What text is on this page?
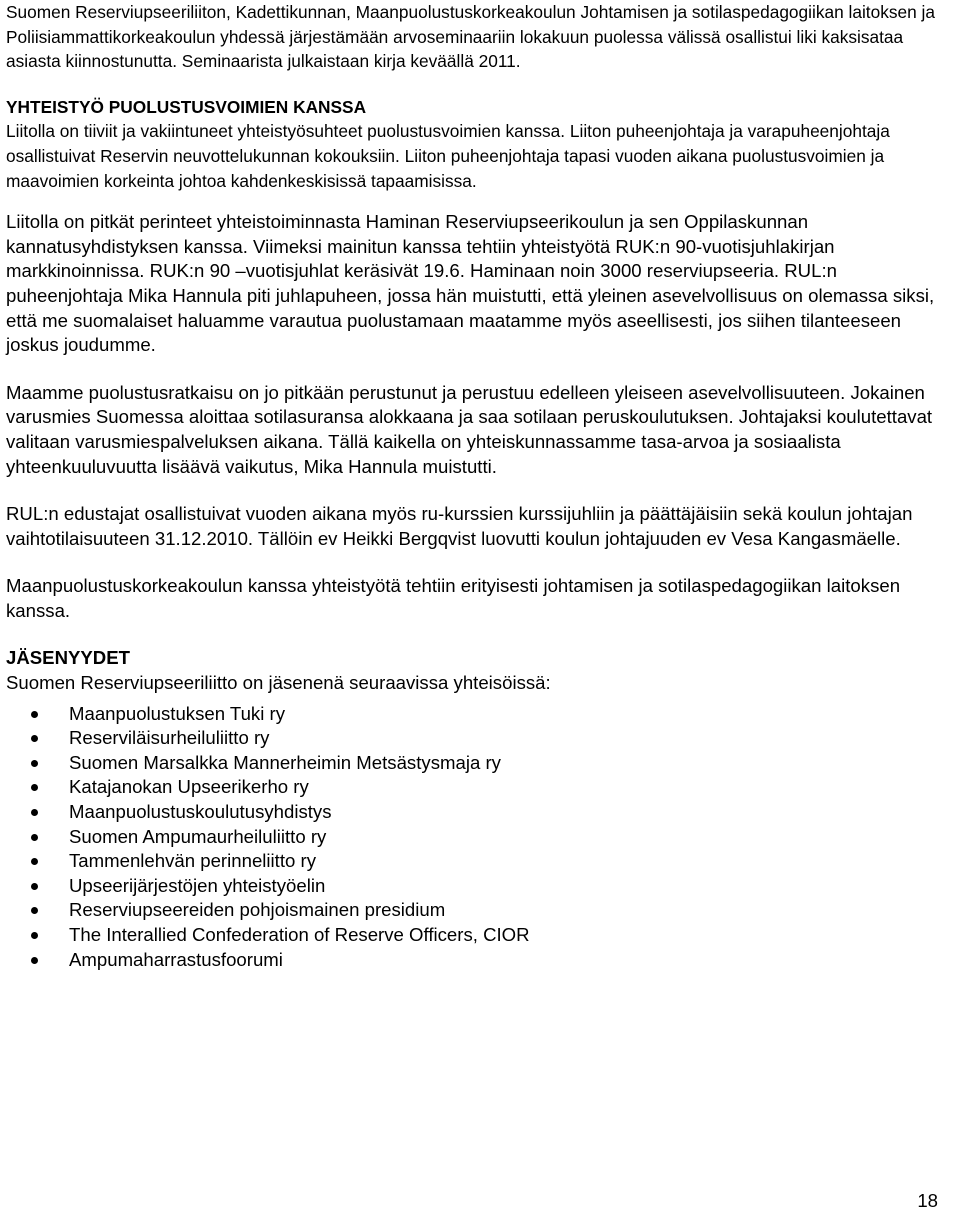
Suomen Reserviupseeriliiton, Kadettikunnan, Maanpuolustuskorkeakoulun Johtamisen ja sotilaspedagogiikan laitoksen ja Poliisiammattikorkeakoulun yhdessä järjestämään arvoseminaariin lokakuun puolessa välissä osallistui liki kaksisataa asiasta kiinnostunutta. Seminaarista julkaistaan kirja keväällä 2011.

YHTEISTYÖ PUOLUSTUSVOIMIEN KANSSA

Liitolla on tiiviit ja vakiintuneet yhteistyösuhteet puolustusvoimien kanssa. Liiton puheenjohtaja ja varapuheenjohtaja osallistuivat Reservin neuvottelukunnan kokouksiin. Liiton puheenjohtaja tapasi vuoden aikana puolustusvoimien ja maavoimien korkeinta johtoa kahdenkeskisissä tapaamisissa.

Liitolla on pitkät perinteet yhteistoiminnasta Haminan Reserviupseerikoulun ja sen Oppilaskunnan kannatusyhdistyksen kanssa. Viimeksi mainitun kanssa tehtiin yhteistyötä RUK:n 90-vuotisjuhlakirjan markkinoinnissa. RUK:n 90 –vuotisjuhlat keräsivät 19.6. Haminaan noin 3000 reserviupseeria. RUL:n puheenjohtaja Mika Hannula piti juhlapuheen, jossa hän muistutti, että yleinen asevelvollisuus on olemassa siksi, että me suomalaiset haluamme varautua puolustamaan maatamme myös aseellisesti, jos siihen tilanteeseen joskus joudumme.

Maamme puolustusratkaisu on jo pitkään perustunut ja perustuu edelleen yleiseen asevelvollisuuteen. Jokainen varusmies Suomessa aloittaa sotilasuransa alokkaana ja saa sotilaan peruskoulutuksen. Johtajaksi koulutettavat valitaan varusmiespalveluksen aikana. Tällä kaikella on yhteiskunnassamme tasa-arvoa ja sosiaalista yhteenkuuluvuutta lisäävä vaikutus, Mika Hannula muistutti.

RUL:n edustajat osallistuivat vuoden aikana myös ru-kurssien kurssijuhliin ja päättäjäisiin sekä koulun johtajan vaihtotilaisuuteen 31.12.2010. Tällöin ev Heikki Bergqvist luovutti koulun johtajuuden ev Vesa Kangasmäelle.

Maanpuolustuskorkeakoulun kanssa yhteistyötä tehtiin erityisesti johtamisen ja sotilaspedagogiikan laitoksen kanssa.

JÄSENYYDET

Suomen Reserviupseeriliitto on jäsenenä seuraavissa yhteisöissä:

Maanpuolustuksen Tuki ry
Reserviläisurheiluliitto ry
Suomen Marsalkka Mannerheimin Metsästysmaja ry
Katajanokan Upseerikerho ry
Maanpuolustuskoulutusyhdistys
Suomen Ampumaurheiluliitto ry
Tammenlehvän perinneliitto ry
Upseerijärjestöjen yhteistyöelin
Reserviupseereiden pohjoismainen presidium
The Interallied Confederation of Reserve Officers, CIOR
Ampumaharrastusfoorumi
18
